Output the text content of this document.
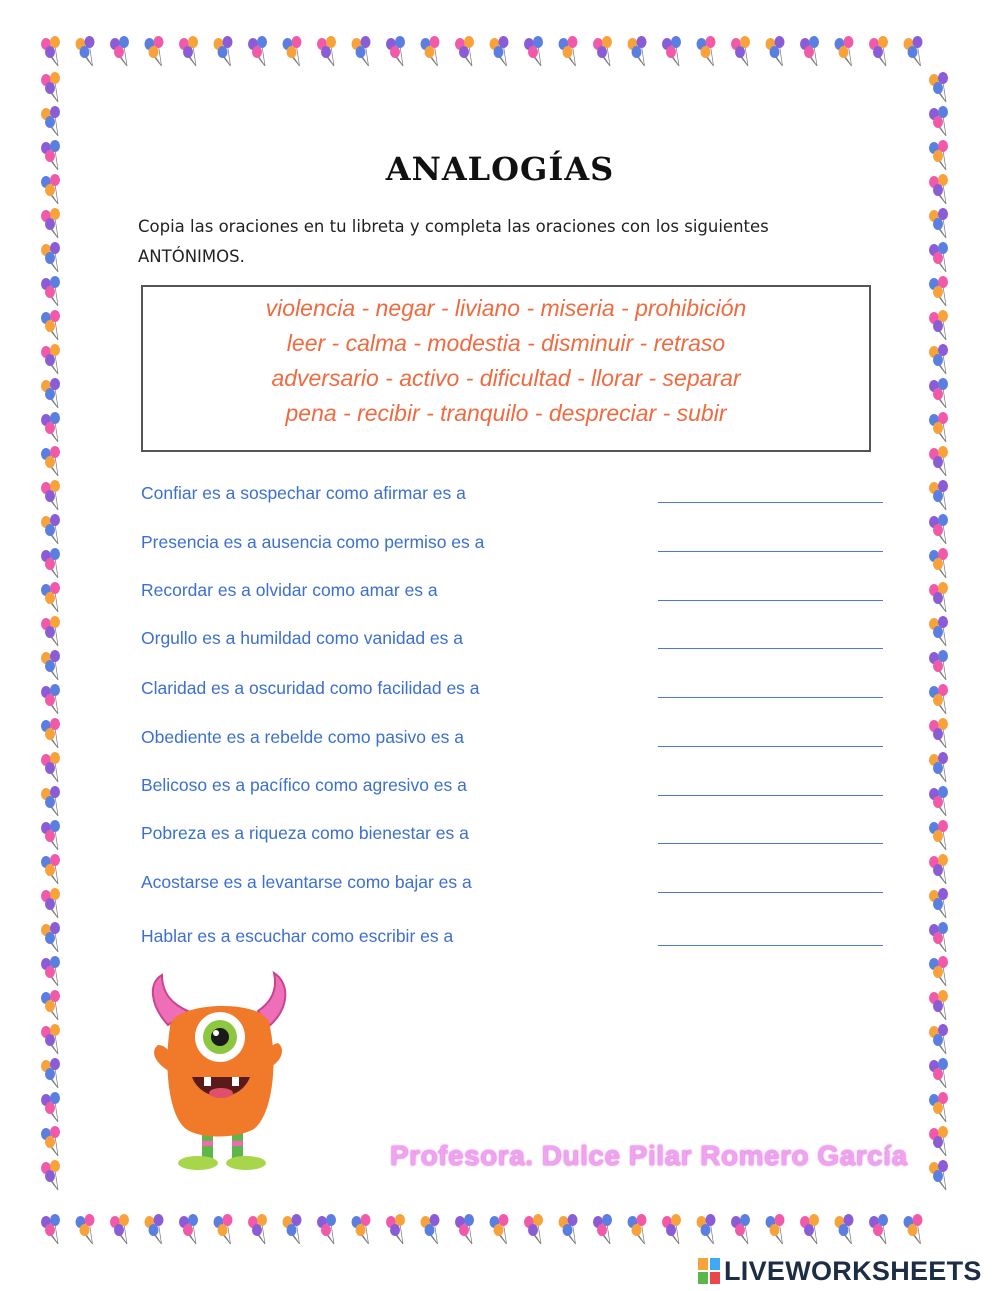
ANALOGÍAS
Copia las oraciones en tu libreta y completa las oraciones con los siguientes ANTÓNIMOS.
violencia - negar - liviano - miseria - prohibición
leer - calma - modestia - disminuir - retraso
adversario - activo - dificultad - llorar - separar
pena - recibir - tranquilo - despreciar - subir
Confiar es a sospechar como afirmar es a
Presencia es a ausencia como permiso es a
Recordar es a olvidar como amar es a
Orgullo es a humildad como vanidad es a
Claridad es a oscuridad como facilidad es a
Obediente es a rebelde como pasivo es a
Belicoso es a pacífico como agresivo es a
Pobreza es a riqueza como bienestar es a
Acostarse es a levantarse como bajar es a
Hablar es a escuchar como escribir es a
Profesora. Dulce Pilar Romero García
LIVEWORKSHEETS
